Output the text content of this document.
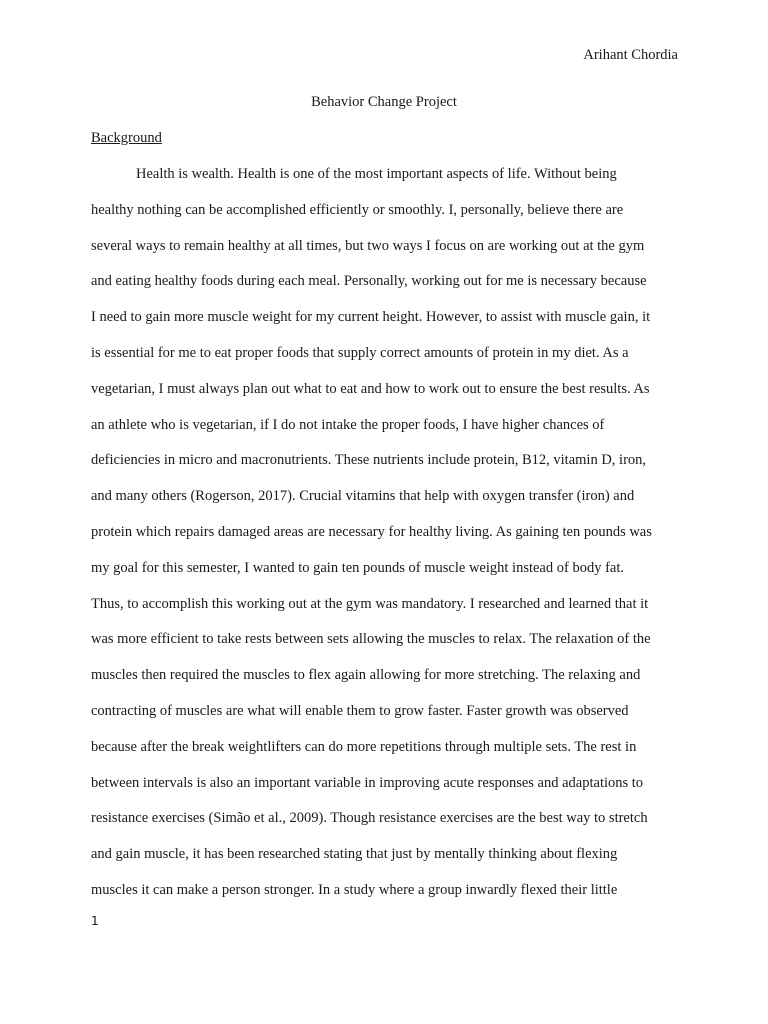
Arihant Chordia
Behavior Change Project
Background
Health is wealth. Health is one of the most important aspects of life. Without being
healthy nothing can be accomplished efficiently or smoothly. I, personally, believe there are
several ways to remain healthy at all times, but two ways I focus on are working out at the gym
and eating healthy foods during each meal. Personally, working out for me is necessary because
I need to gain more muscle weight for my current height. However, to assist with muscle gain, it
is essential for me to eat proper foods that supply correct amounts of protein in my diet. As a
vegetarian, I must always plan out what to eat and how to work out to ensure the best results. As
an athlete who is vegetarian, if I do not intake the proper foods, I have higher chances of
deficiencies in micro and macronutrients. These nutrients include protein, B12, vitamin D, iron,
and many others (Rogerson, 2017). Crucial vitamins that help with oxygen transfer (iron) and
protein which repairs damaged areas are necessary for healthy living. As gaining ten pounds was
my goal for this semester, I wanted to gain ten pounds of muscle weight instead of body fat.
Thus, to accomplish this working out at the gym was mandatory. I researched and learned that it
was more efficient to take rests between sets allowing the muscles to relax. The relaxation of the
muscles then required the muscles to flex again allowing for more stretching. The relaxing and
contracting of muscles are what will enable them to grow faster. Faster growth was observed
because after the break weightlifters can do more repetitions through multiple sets. The rest in
between intervals is also an important variable in improving acute responses and adaptations to
resistance exercises (Simão et al., 2009). Though resistance exercises are the best way to stretch
and gain muscle, it has been researched stating that just by mentally thinking about flexing
muscles it can make a person stronger. In a study where a group inwardly flexed their little
1
